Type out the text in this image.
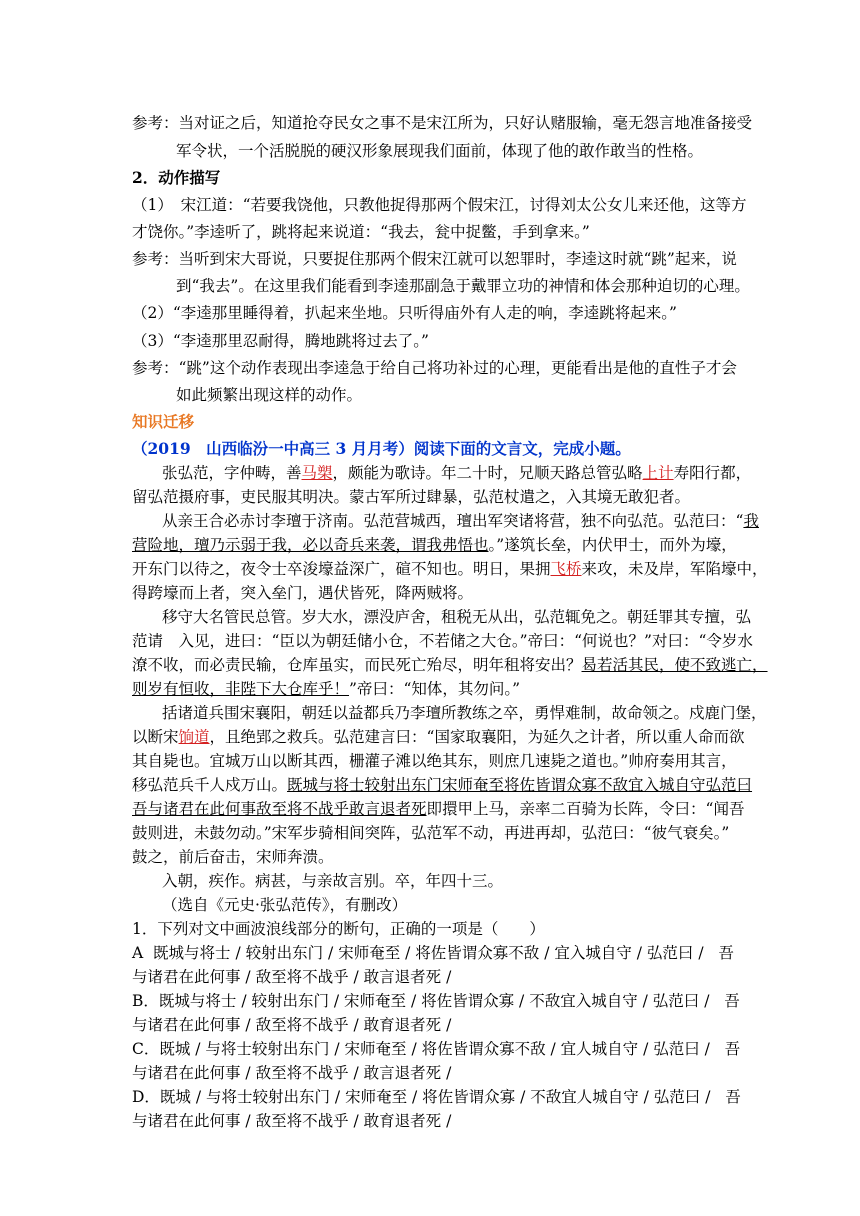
参考：当对证之后，知道抢夺民女之事不是宋江所为，只好认赌服输，毫无怨言地准备接受
军令状，一个活脱脱的硬汉形象展现我们面前，体现了他的敢作敢当的性格。
2．动作描写
（1）　宋江道：“若要我饶他，只教他捉得那两个假宋江，讨得刘太公女儿来还他，这等方
才饶你。”李逵听了，跳将起来说道：“我去，瓮中捉鳖，手到拿来。”
参考：当听到宋大哥说，只要捉住那两个假宋江就可以恕罪时，李逵这时就“跳”起来，说
到“我去”。在这里我们能看到李逵那副急于戴罪立功的神情和体会那种迫切的心理。
（2）“李逵那里睡得着，扒起来坐地。只听得庙外有人走的响，李逵跳将起来。”
（3）“李逵那里忍耐得，腾地跳将过去了。”
参考：“跳”这个动作表现出李逵急于给自己将功补过的心理，更能看出是他的直性子才会
如此频繁出现这样的动作。
知识迁移
（2019　山西临汾一中高三 3 月月考）阅读下面的文言文，完成小题。
张弘范，字仲畴，善马槊，颇能为歌诗。年二十时，兄顺天路总管弘略上计寿阳行都，
留弘范摄府事，吏民服其明决。蒙古军所过肆暴，弘范杖遣之，入其境无敢犯者。
从亲王合必赤讨李璮于济南。弘范营城西，璮出军突诸将营，独不向弘范。弘范曰：“我
营险地，璮乃示弱于我，必以奇兵来袭，谓我弗悟也。”遂筑长垒，内伏甲士，而外为壕，
开东门以待之，夜令士卒浚壕益深广，碹不知也。明日，果拥飞桥来攻，未及岸，军陷壕中，
得跨壕而上者，突入垒门，遇伏皆死，降两贼将。
移守大名管民总管。岁大水，漂没庐舍，租税无从出，弘范辄免之。朝廷罪其专擅，弘
范请　入见，进曰：“臣以为朝廷储小仓，不若储之大仓。”帝曰：“何说也？”对曰：“令岁水
潦不收，而必责民输，仓库虽实，而民死亡殆尽，明年租将安出？曷若活其民，使不致逃亡，
则岁有恒收，非陛下大仓库乎！”帝曰：“知体，其勿问。”
括诸道兵围宋襄阳，朝廷以益都兵乃李璮所教练之卒，勇悍难制，故命领之。戍鹿门堡，
以断宋饷道，且绝郢之救兵。弘范建言曰：“国家取襄阳，为延久之计者，所以重人命而欲
其自毙也。宜城万山以断其西，栅灌子滩以绝其东，则庶几速毙之道也。”帅府奏用其言，
移弘范兵千人戍万山。既城与将士较射出东门宋师奄至将佐皆谓众寡不敌宜入城自守弘范曰
吾与诸君在此何事敌至将不战乎敢言退者死即擐甲上马，亲率二百骑为长阵，令曰：“闻吾
鼓则进，未鼓勿动。”宋军步骑相间突阵，弘范军不动，再进再却，弘范曰：“彼气衰矣。”
鼓之，前后奋击，宋师奔溃。
入朝，疾作。病甚，与亲故言别。卒，年四十三。
（选自《元史·张弘范传》，有删改）
1．下列对文中画波浪线部分的断句，正确的一项是（　　）
A  既城与将士 / 较射出东门 / 宋师奄至 / 将佐皆谓众寡不敌 / 宜入城自守 / 弘范曰 /   吾
与诸君在此何事 / 敌至将不战乎 / 敢言退者死 /
B．既城与将士 / 较射出东门 / 宋师奄至 / 将佐皆谓众寡 / 不敌宜入城自守 / 弘范曰 /   吾
与诸君在此何事 / 敌至将不战乎 / 敢育退者死 /
C．既城 / 与将士较射出东门 / 宋师奄至 / 将佐皆谓众寡不敌 / 宜人城自守 / 弘范曰 /   吾
与诸君在此何事 / 敌至将不战乎 / 敢言退者死 /
D．既城 / 与将士较射出东门 / 宋师奄至 / 将佐皆谓众寡 / 不敌宜人城自守 / 弘范曰 /   吾
与诸君在此何事 / 敌至将不战乎 / 敢育退者死 /
